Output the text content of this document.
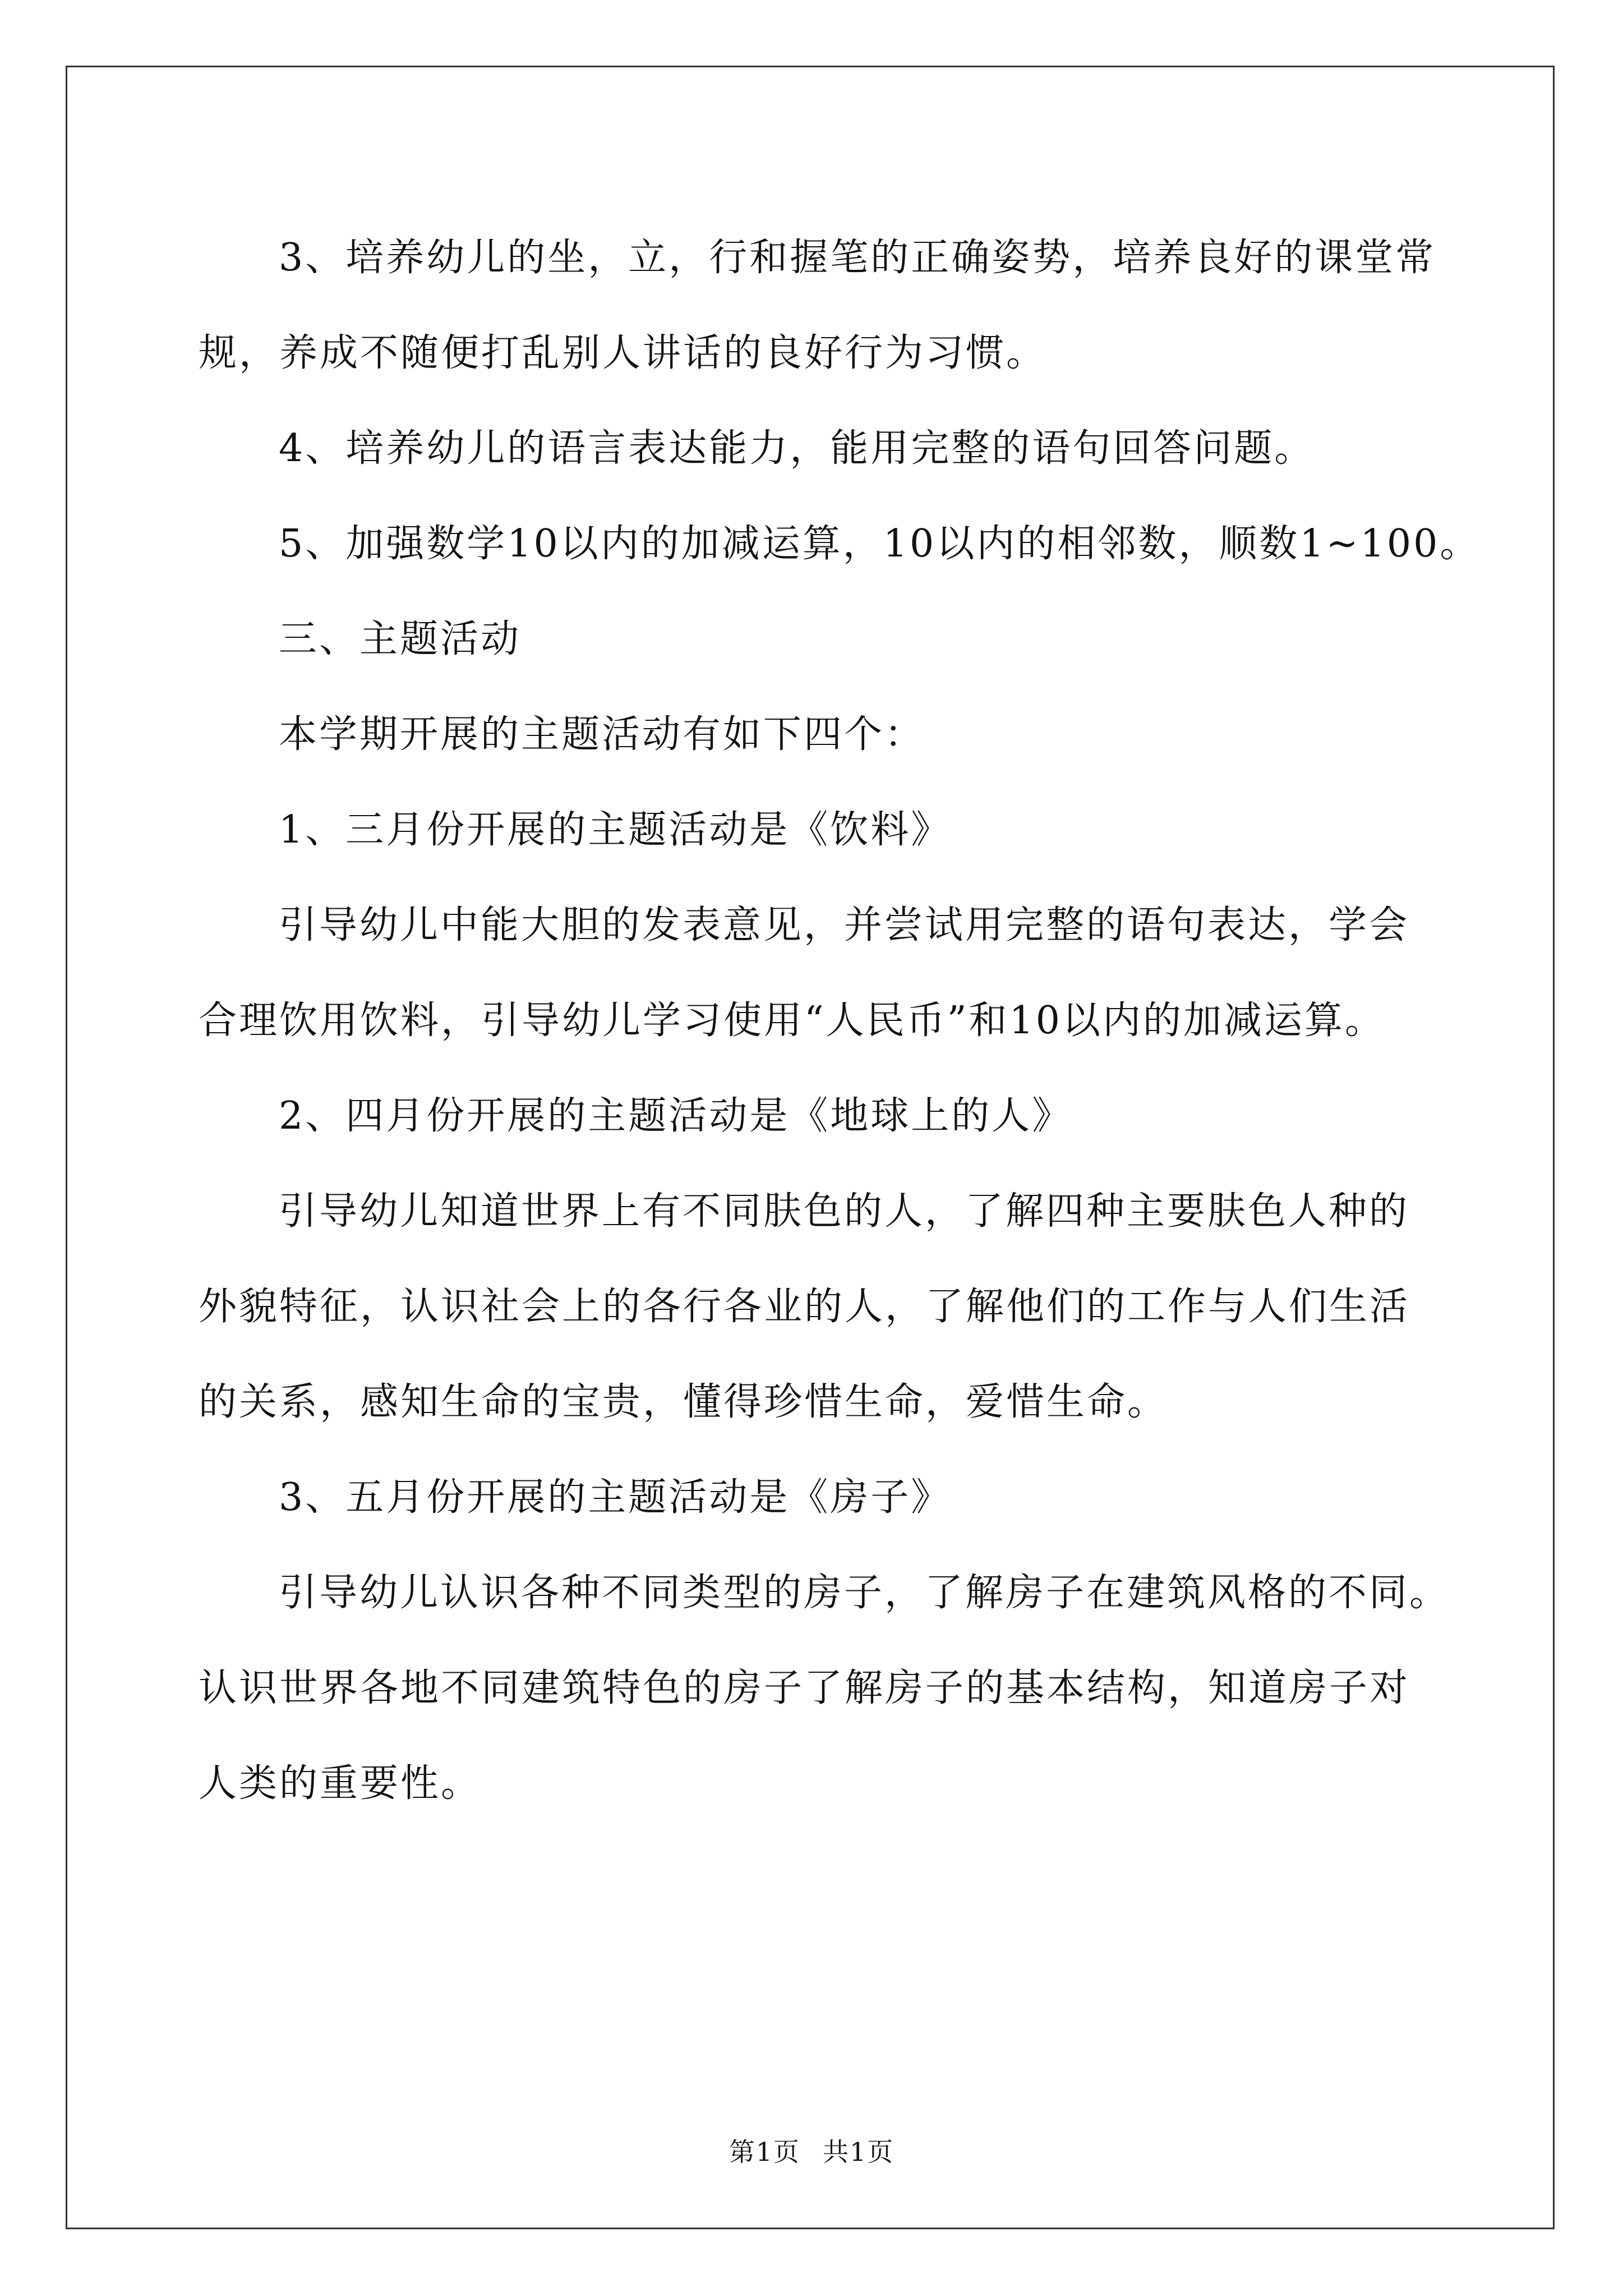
3、培养幼儿的坐，立，行和握笔的正确姿势，培养良好的课堂常
规，养成不随便打乱别人讲话的良好行为习惯。

4、培养幼儿的语言表达能力，能用完整的语句回答问题。

5、加强数学10以内的加减运算，10以内的相邻数，顺数1~100。

三、主题活动

本学期开展的主题活动有如下四个：

1、三月份开展的主题活动是《饮料》

引导幼儿中能大胆的发表意见，并尝试用完整的语句表达，学会
合理饮用饮料，引导幼儿学习使用“人民币”和10以内的加减运算。

2、四月份开展的主题活动是《地球上的人》

引导幼儿知道世界上有不同肤色的人，了解四种主要肤色人种的
外貌特征，认识社会上的各行各业的人，了解他们的工作与人们生活
的关系，感知生命的宝贵，懂得珍惜生命，爱惜生命。

3、五月份开展的主题活动是《房子》

引导幼儿认识各种不同类型的房子，了解房子在建筑风格的不同。
认识世界各地不同建筑特色的房子了解房子的基本结构，知道房子对
人类的重要性。

第1页 共1页
